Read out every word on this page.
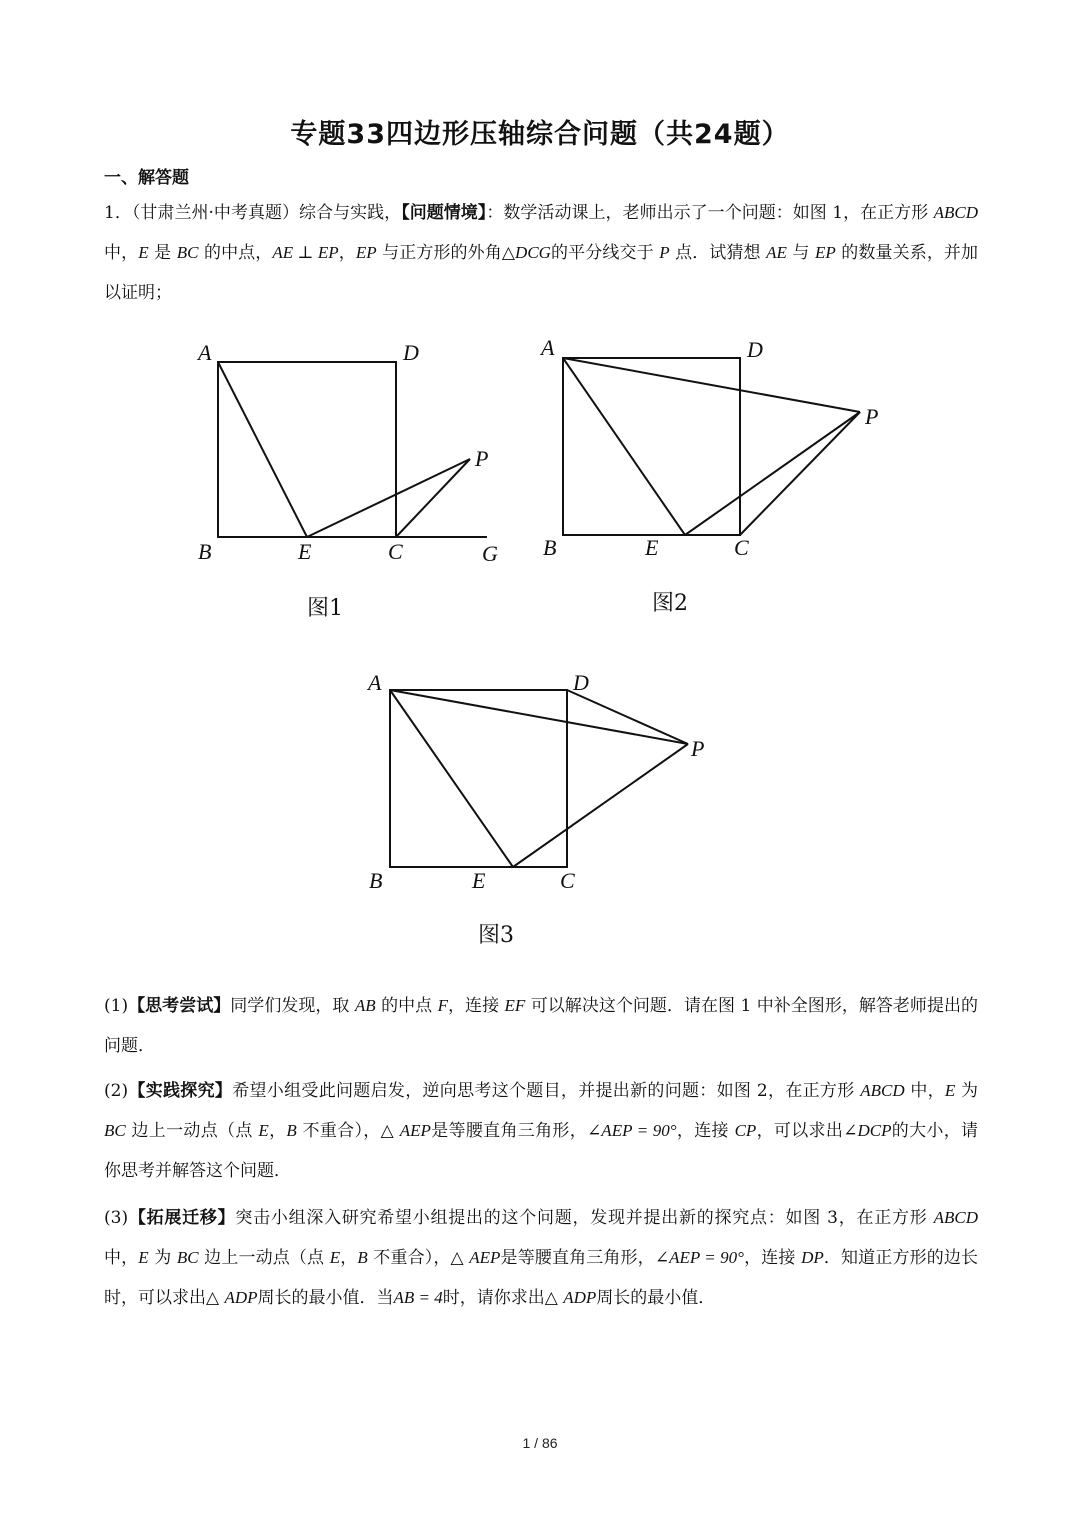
专题33四边形压轴综合问题（共24题）
一、解答题
1．（甘肃兰州·中考真题）综合与实践，【问题情境】：数学活动课上，老师出示了一个问题：如图 1，在正方形 ABCD 中，E 是 BC 的中点，AE ⊥ EP，EP 与正方形的外角△DCG的平分线交于 P 点．试猜想 AE 与 EP 的数量关系，并加以证明；
A	D
B	E	C	G
P
图1
A	D
B	E	C
P
图2
A	D
B	E	C
P
图3
(1)【思考尝试】同学们发现，取 AB 的中点 F，连接 EF 可以解决这个问题．请在图 1 中补全图形，解答老师提出的问题．
(2)【实践探究】希望小组受此问题启发，逆向思考这个题目，并提出新的问题：如图 2，在正方形 ABCD 中，E 为 BC 边上一动点（点 E，B 不重合），△ AEP是等腰直角三角形，∠AEP = 90°，连接 CP，可以求出∠DCP的大小，请你思考并解答这个问题．
(3)【拓展迁移】突击小组深入研究希望小组提出的这个问题，发现并提出新的探究点：如图 3，在正方形 ABCD 中，E 为 BC 边上一动点（点 E，B 不重合），△ AEP是等腰直角三角形，∠AEP = 90°，连接 DP．知道正方形的边长时，可以求出△ ADP周长的最小值．当AB = 4时，请你求出△ ADP周长的最小值．
1 / 86
